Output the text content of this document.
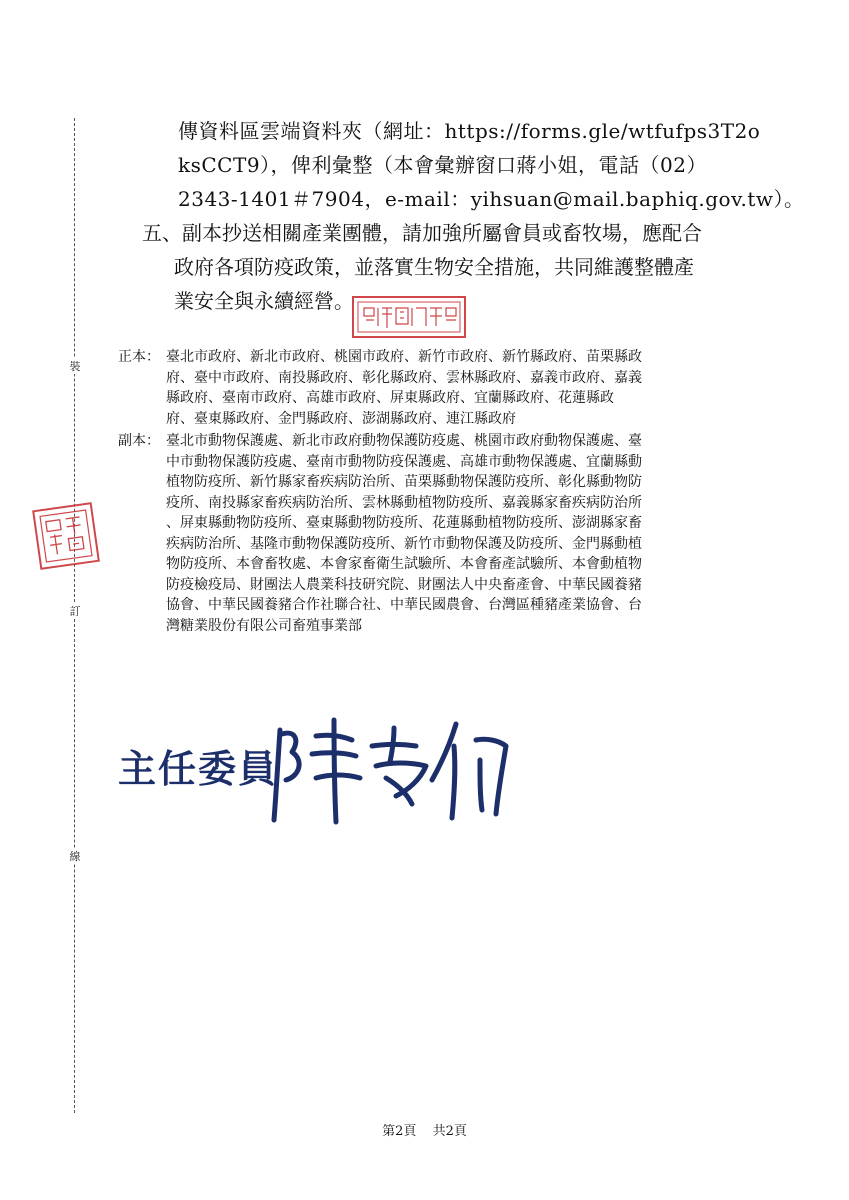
裝
訂
線
傳資料區雲端資料夾（網址：https://forms.gle/wtfufps3T2o
ksCCT9），俾利彙整（本會彙辦窗口蔣小姐，電話（02）
2343-1401＃7904，e-mail：yihsuan@mail.baphiq.gov.tw）。
五、副本抄送相關產業團體，請加強所屬會員或畜牧場，應配合
政府各項防疫政策，並落實生物安全措施，共同維護整體產
業安全與永續經營。
正本： 臺北市政府、新北市政府、桃園市政府、新竹市政府、新竹縣政府、苗栗縣政
府、臺中市政府、南投縣政府、彰化縣政府、雲林縣政府、嘉義市政府、嘉義
縣政府、臺南市政府、高雄市政府、屏東縣政府、宜蘭縣政府、花蓮縣政
府、臺東縣政府、金門縣政府、澎湖縣政府、連江縣政府
副本： 臺北市動物保護處、新北市政府動物保護防疫處、桃園市政府動物保護處、臺
中市動物保護防疫處、臺南市動物防疫保護處、高雄市動物保護處、宜蘭縣動
植物防疫所、新竹縣家畜疾病防治所、苗栗縣動物保護防疫所、彰化縣動物防
疫所、南投縣家畜疾病防治所、雲林縣動植物防疫所、嘉義縣家畜疾病防治所
、屏東縣動物防疫所、臺東縣動物防疫所、花蓮縣動植物防疫所、澎湖縣家畜
疾病防治所、基隆市動物保護防疫所、新竹市動物保護及防疫所、金門縣動植
物防疫所、本會畜牧處、本會家畜衛生試驗所、本會畜產試驗所、本會動植物
防疫檢疫局、財團法人農業科技研究院、財團法人中央畜產會、中華民國養豬
協會、中華民國養豬合作社聯合社、中華民國農會、台灣區種豬產業協會、台
灣糖業股份有限公司畜殖事業部
主任委員
第2頁 共2頁
